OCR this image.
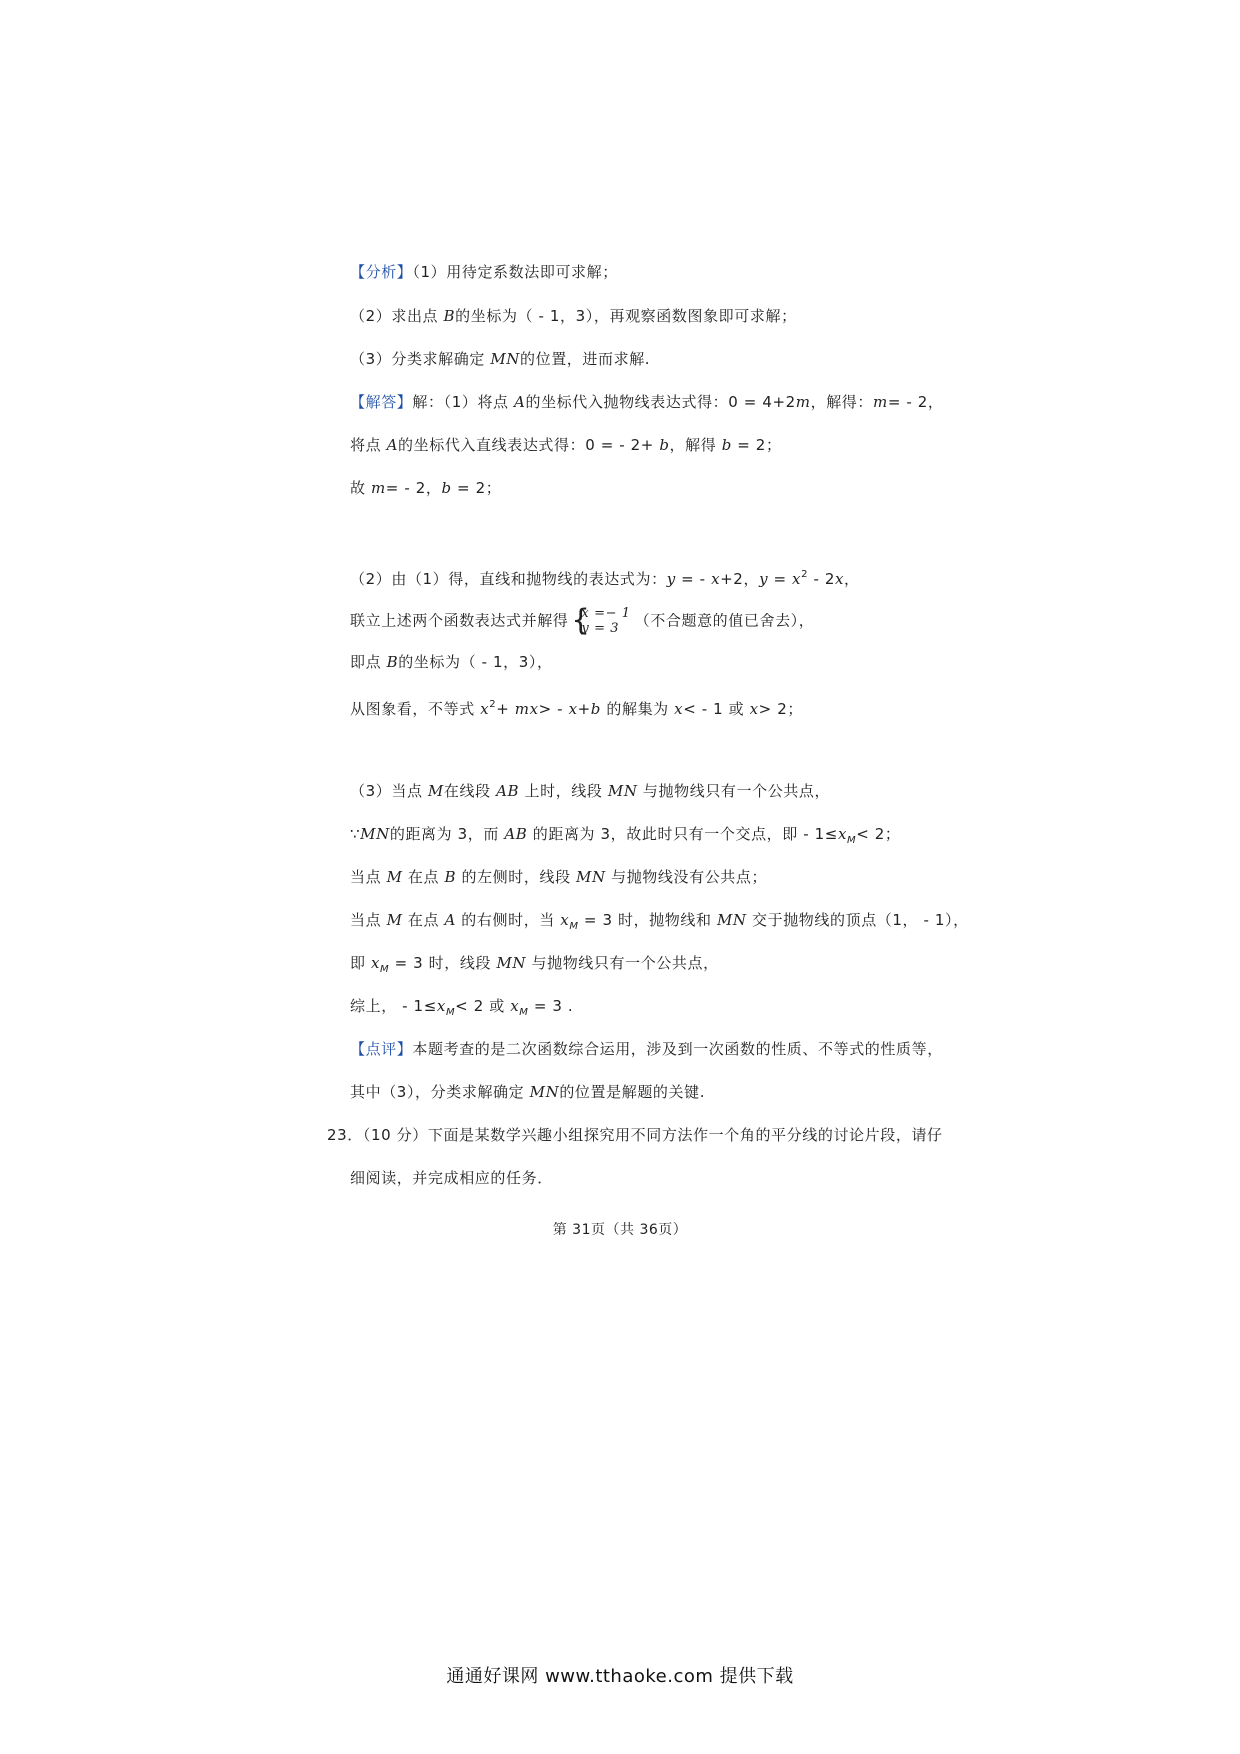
【分析】（1）用待定系数法即可求解；
（2）求出点 B的坐标为（ - 1，3），再观察函数图象即可求解；
（3）分类求解确定 MN的位置，进而求解.
【解答】解：（1）将点 A的坐标代入抛物线表达式得：0 = 4+2m，解得：m= - 2，
将点 A的坐标代入直线表达式得：0 = - 2+ b，解得 b = 2；
故 m= - 2，b = 2；
（2）由（1）得，直线和抛物线的表达式为：y = - x+2，$y = x^2 - 2x$，
联立上述两个函数表达式并解得 {
x =− 1
y = 3	（不合题意的值已舍去），
即点 B的坐标为（ - 1，3），
从图象看，不等式 $x^2+ mx> - x+b$ 的解集为 x< - 1 或 x> 2；
（3）当点 M在线段 AB 上时，线段 MN 与抛物线只有一个公共点，
∵MN的距离为 3，而 AB 的距离为 3，故此时只有一个交点，即 - $1\le x_M< 2$；
当点 M 在点 B 的左侧时，线段 MN 与抛物线没有公共点；
当点 M 在点 A 的右侧时，当 $x_M = 3$ 时，抛物线和 MN 交于抛物线的顶点（1， - 1），
即 $x_M = 3$ 时，线段 MN 与抛物线只有一个公共点，
综上， - $1\le x_M< 2$ 或 $x_M = 3$ .
【点评】本题考查的是二次函数综合运用，涉及到一次函数的性质、不等式的性质等，
其中（3），分类求解确定 MN的位置是解题的关键.
23．（10 分）下面是某数学兴趣小组探究用不同方法作一个角的平分线的讨论片段，请仔
细阅读，并完成相应的任务．
第 31页（共 36页）
通通好课网 www.tthaoke.com 提供下载
